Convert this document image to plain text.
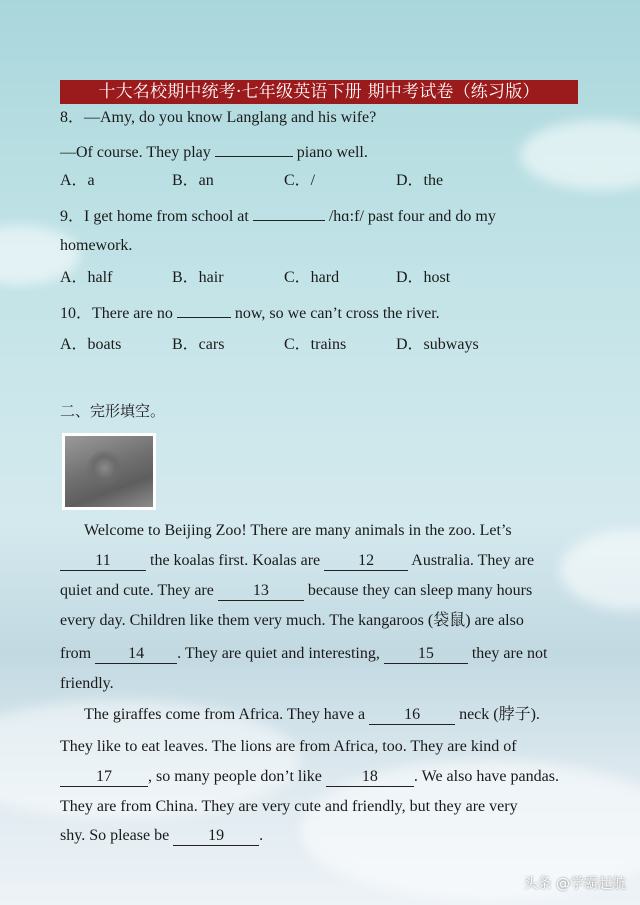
十大名校期中统考·七年级英语下册 期中考试卷（练习版）
8．—Amy, do you know Langlang and his wife?
—Of course. They play	piano well.
A．a	B．an	C．/	D．the
9．I get home from school at	/hɑ:f/ past four and do my
homework.
A．half	B．hair	C．hard	D．host
10．There are no	now, so we can’t cross the river.
A．boats	B．cars	C．trains	D．subways
二、完形填空。
Welcome to Beijing Zoo! There are many animals in the zoo. Let’s
11 the koalas first. Koalas are 12 Australia. They are
quiet and cute. They are 13 because they can sleep many hours
every day. Children like them very much. The kangaroos (袋鼠) are also
from 14 . They are quiet and interesting, 15 they are not
friendly.
The giraffes come from Africa. They have a 16 neck (脖子).
They like to eat leaves. The lions are from Africa, too. They are kind of
17 , so many people don’t like 18 . We also have pandas.
They are from China. They are very cute and friendly, but they are very
shy. So please be 19 .
头条 @学霸起航
